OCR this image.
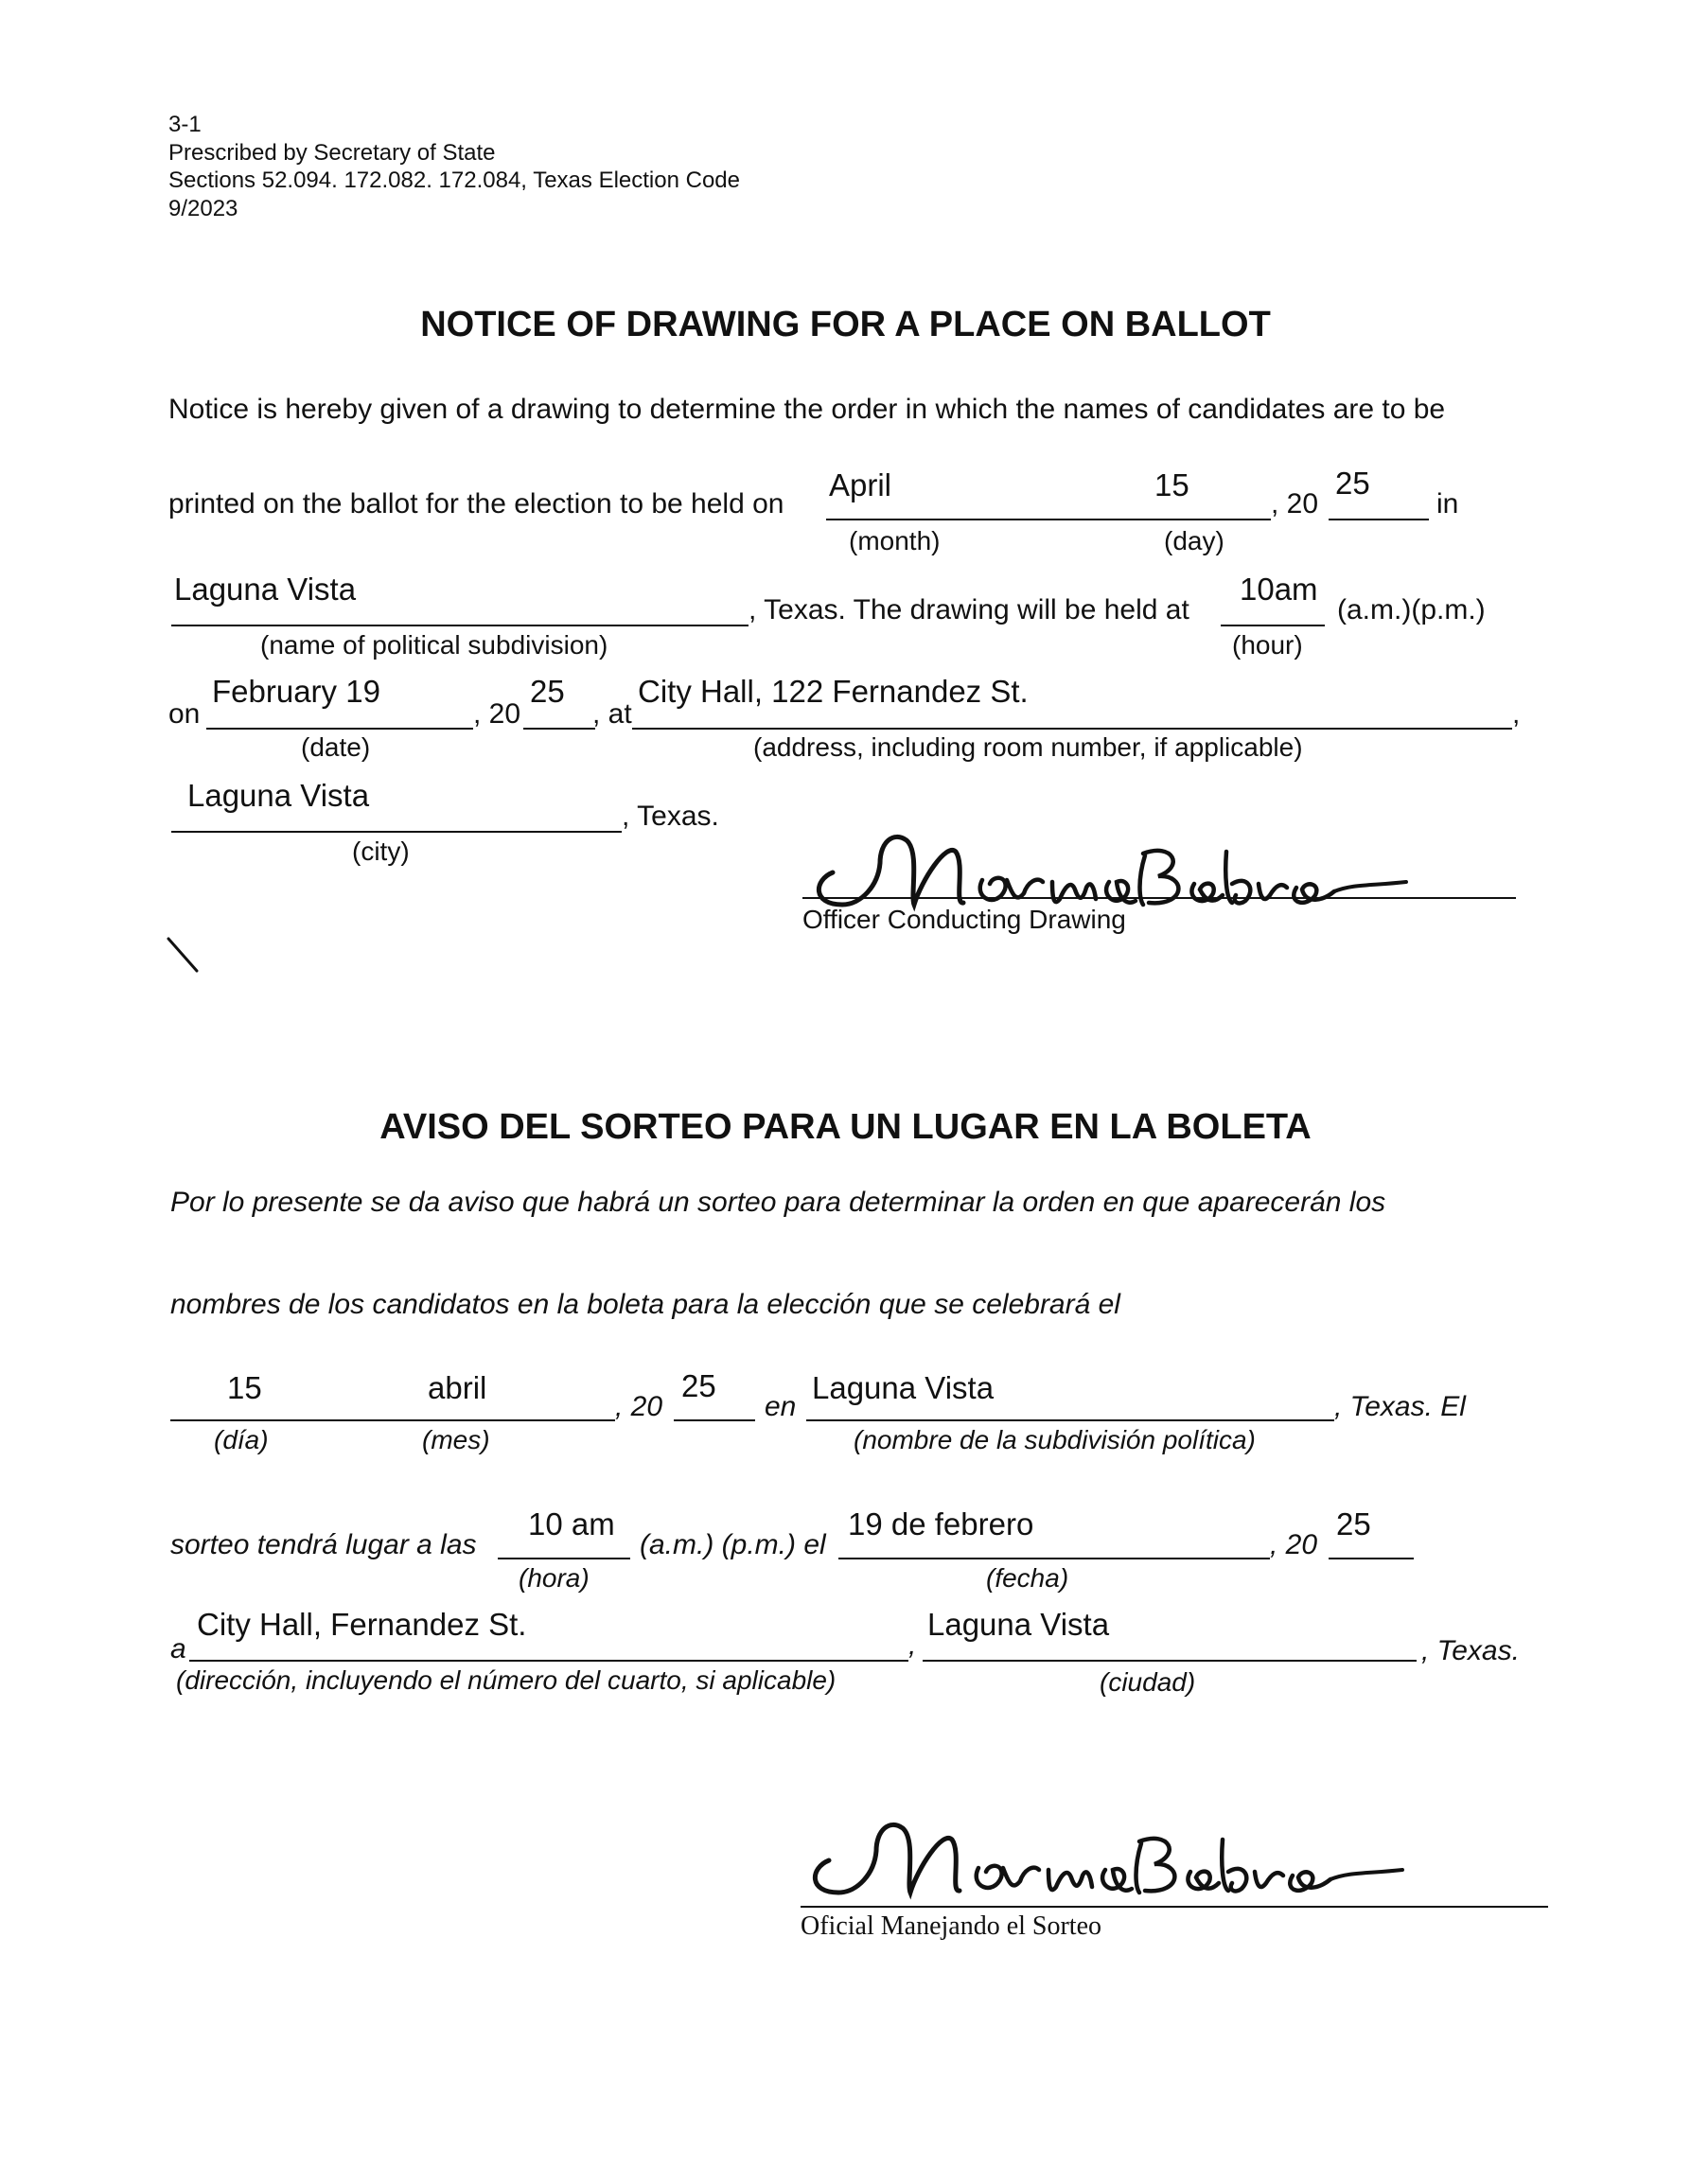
3-1
Prescribed by Secretary of State
Sections 52.094. 172.082. 172.084, Texas Election Code
9/2023
NOTICE OF DRAWING FOR A PLACE ON BALLOT
Notice is hereby given of a drawing to determine the order in which the names of candidates are to be
printed on the ballot for the election to be held on
April	15
, 20
25
in
(month)	(day)
Laguna Vista
, Texas. The drawing will be held at
10am
(a.m.)(p.m.)
(name of political subdivision)	(hour)
on
February 19
, 20
25
, at
City Hall, 122 Fernandez St.
,
(date)	(address, including room number, if applicable)
Laguna Vista
, Texas.
(city)
Officer Conducting Drawing
AVISO DEL SORTEO PARA UN LUGAR EN LA BOLETA
Por lo presente se da aviso que habrá un sorteo para determinar la orden en que aparecerán los
nombres de los candidatos en la boleta para la elección que se celebrará el
15	abril
, 20
25
en
Laguna Vista
, Texas. El
(día)	(mes)	(nombre de la subdivisión política)
sorteo tendrá lugar a las
10 am
(a.m.) (p.m.) el
19 de febrero
, 20
25
(hora)	(fecha)
a
City Hall, Fernandez St.
,
Laguna Vista
, Texas.
(dirección, incluyendo el número del cuarto, si aplicable)	(ciudad)
Oficial Manejando el Sorteo
